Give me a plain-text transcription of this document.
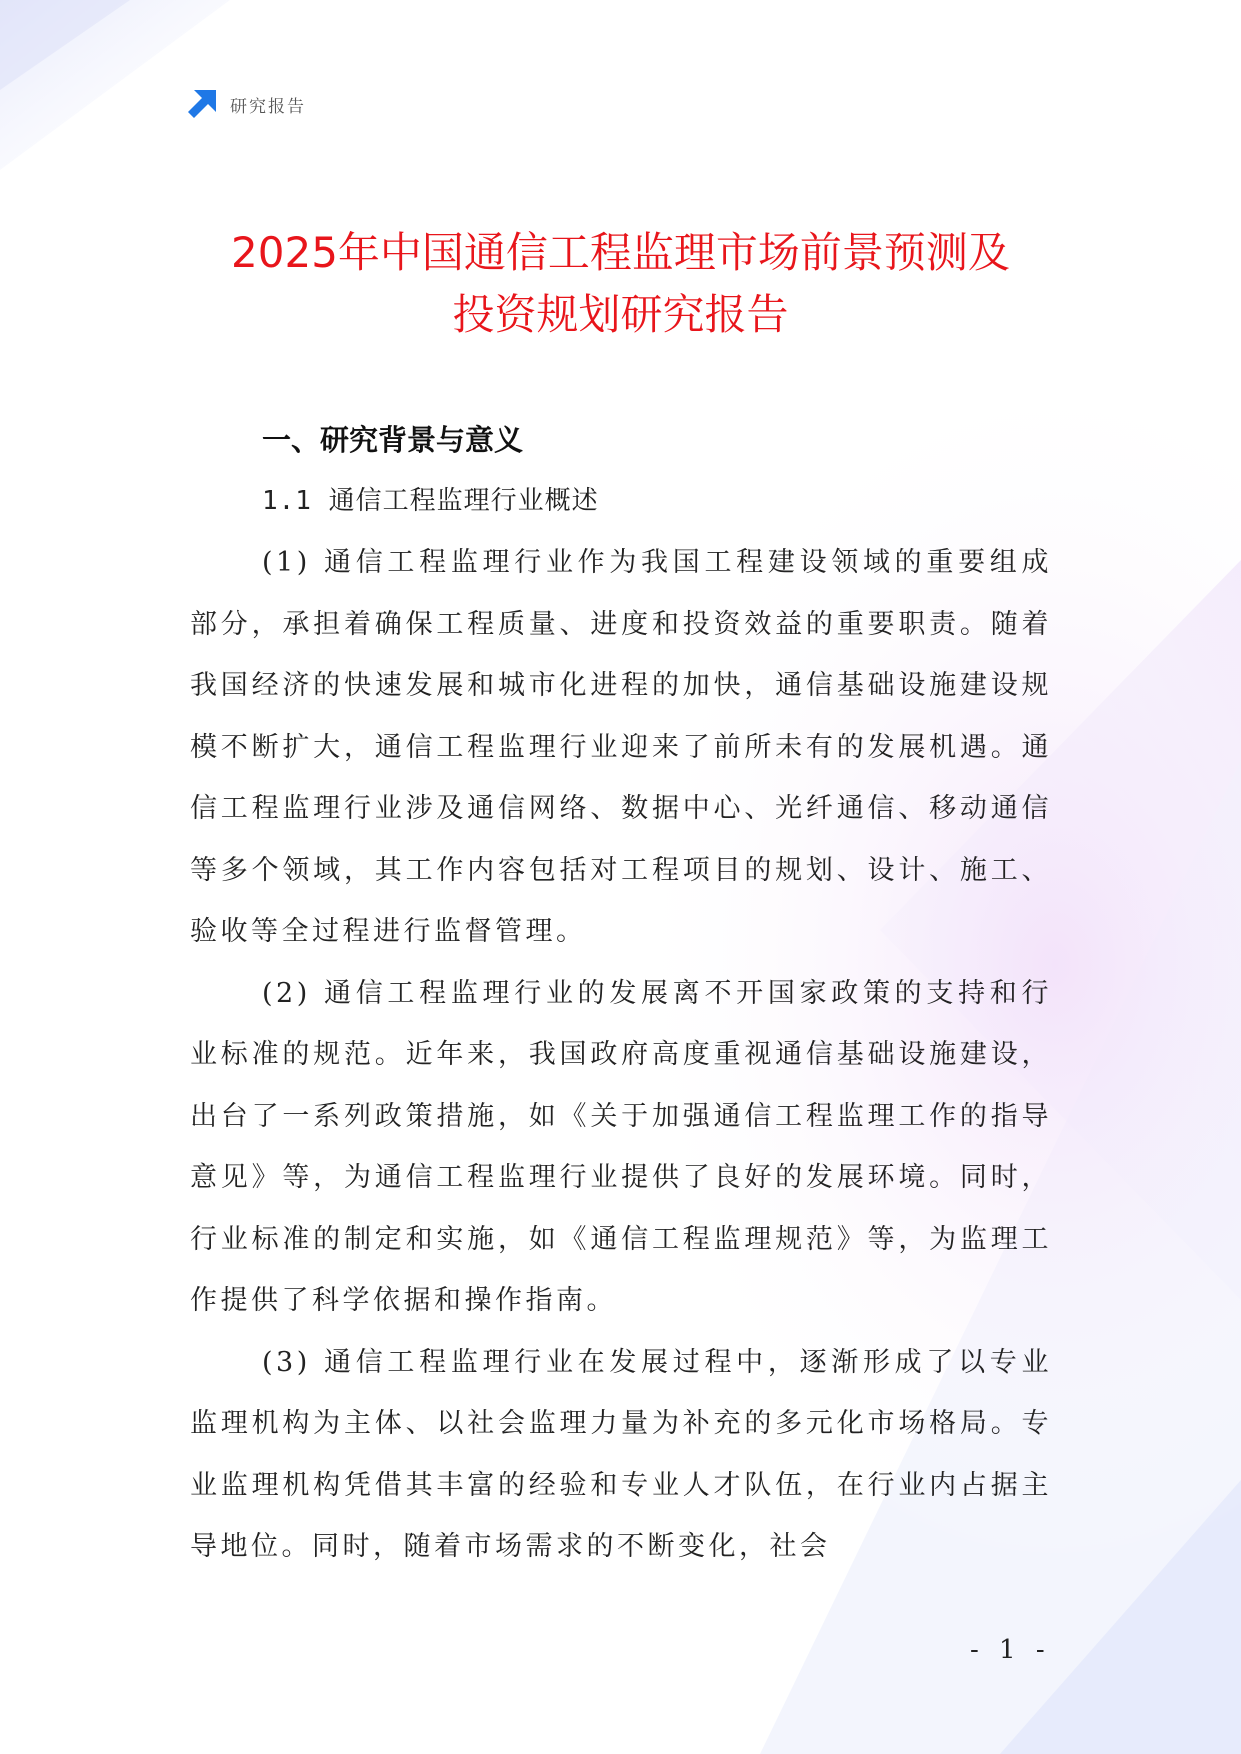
研究报告
2025年中国通信工程监理市场前景预测及
投资规划研究报告
一、研究背景与意义
1.1 通信工程监理行业概述

(1) 通信工程监理行业作为我国工程建设领域的重要组成部分，承担着确保工程质量、进度和投资效益的重要职责。随着我国经济的快速发展和城市化进程的加快，通信基础设施建设规模不断扩大，通信工程监理行业迎来了前所未有的发展机遇。通信工程监理行业涉及通信网络、数据中心、光纤通信、移动通信等多个领域，其工作内容包括对工程项目的规划、设计、施工、验收等全过程进行监督管理。

(2) 通信工程监理行业的发展离不开国家政策的支持和行业标准的规范。近年来，我国政府高度重视通信基础设施建设，出台了一系列政策措施，如《关于加强通信工程监理工作的指导意见》等，为通信工程监理行业提供了良好的发展环境。同时，行业标准的制定和实施，如《通信工程监理规范》等，为监理工作提供了科学依据和操作指南。

(3) 通信工程监理行业在发展过程中，逐渐形成了以专业监理机构为主体、以社会监理力量为补充的多元化市场格局。专业监理机构凭借其丰富的经验和专业人才队伍，在行业内占据主导地位。同时，随着市场需求的不断变化，社会

- 1 -
